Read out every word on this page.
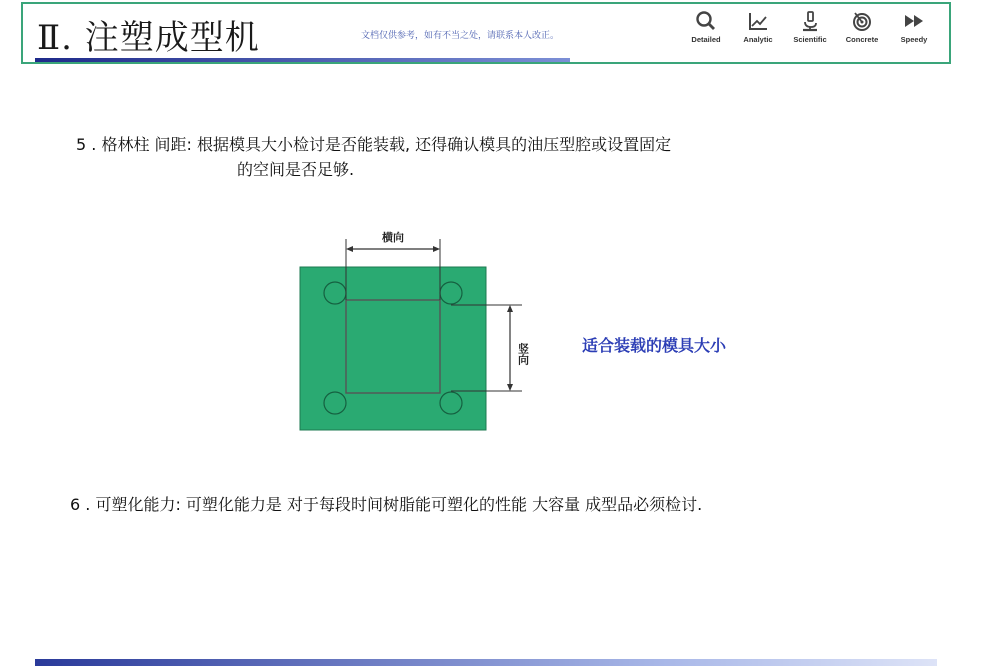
Ⅱ. 注塑成型机	文档仅供参考，如有不当之处，请联系本人改正。	Detailed	Analytic	Scientific	Concrete	Speedy
5 . 格林柱 间距: 根据模具大小检讨是否能装载, 还得确认模具的油压型腔或设置固定
的空间是否足够.
横向
竖向	适合装载的模具大小
6 . 可塑化能力: 可塑化能力是 对于每段时间树脂能可塑化的性能 大容量 成型品必须检讨.
